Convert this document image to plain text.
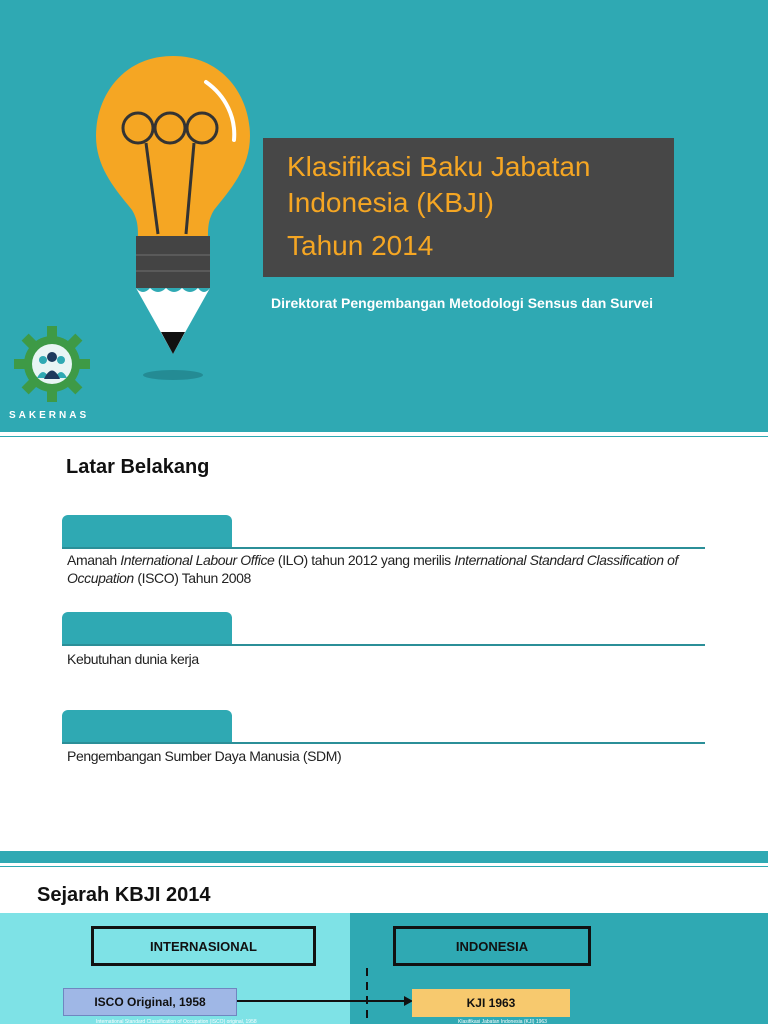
Klasifikasi Baku Jabatan
Indonesia (KBJI)
Tahun 2014
Direktorat Pengembangan Metodologi Sensus dan Survei
SAKERNAS
Latar Belakang
Amanah International Labour Office (ILO) tahun 2012 yang merilis International Standard Classification of Occupation (ISCO) Tahun 2008
Kebutuhan dunia kerja
Pengembangan Sumber Daya Manusia (SDM)
Sejarah KBJI 2014
INTERNASIONAL	INDONESIA
ISCO Original, 1958	KJI 1963
International Standard Classification of Occupation (ISCO) original, 1958	Klasifikasi Jabatan Indonesia (KJI) 1963
